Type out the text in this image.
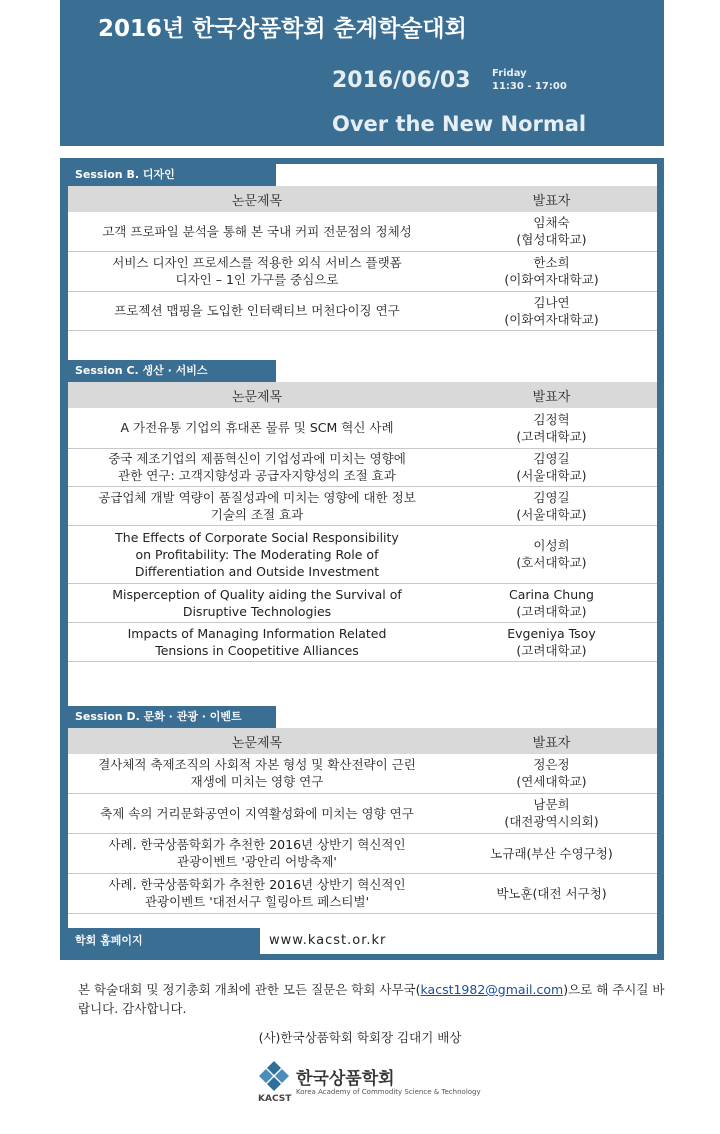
2016년 한국상품학회 춘계학술대회
2016/06/03 Friday
11:30 - 17:00
Over the New Normal
Session B. 디자인
논문제목	발표자
고객 프로파일 분석을 통해 본 국내 커피 전문점의 정체성	임채숙
(협성대학교)
서비스 디자인 프로세스를 적용한 외식 서비스 플랫폼
디자인 – 1인 가구를 중심으로	한소희
(이화여자대학교)
프로젝션 맵핑을 도입한 인터랙티브 머천다이징 연구	김나연
(이화여자대학교)
Session C. 생산 · 서비스
논문제목	발표자
A 가전유통 기업의 휴대폰 물류 및 SCM 혁신 사례	김정혁
(고려대학교)
중국 제조기업의 제품혁신이 기업성과에 미치는 영향에
관한 연구: 고객지향성과 공급자지향성의 조절 효과	김영길
(서울대학교)
공급업체 개발 역량이 품질성과에 미치는 영향에 대한 정보
기술의 조절 효과	김영길
(서울대학교)
The Effects of Corporate Social Responsibility
on Profitability: The Moderating Role of
Differentiation and Outside Investment	이성희
(호서대학교)
Misperception of Quality aiding the Survival of
Disruptive Technologies	Carina Chung
(고려대학교)
Impacts of Managing Information Related
Tensions in Coopetitive Alliances	Evgeniya Tsoy
(고려대학교)
Session D. 문화 · 관광 · 이벤트
논문제목	발표자
결사체적 축제조직의 사회적 자본 형성 및 확산전략이 근린
재생에 미치는 영향 연구	정은정
(연세대학교)
축제 속의 거리문화공연이 지역활성화에 미치는 영향 연구	남문희
(대전광역시의회)
사례. 한국상품학회가 추천한 2016년 상반기 혁신적인
관광이벤트 '광안리 어방축제'	노규래(부산 수영구청)
사례. 한국상품학회가 추천한 2016년 상반기 혁신적인
관광이벤트 '대전서구 힐링아트 페스티벌'	박노훈(대전 서구청)
학회 홈페이지	www.kacst.or.kr
본 학술대회 및 정기총회 개최에 관한 모든 질문은 학회 사무국(kacst1982@gmail.com)으로 해 주시길 바랍니다. 감사합니다.
(사)한국상품학회 학회장 김대기 배상
KACST
한국상품학회
Korea Academy of Commodity Science & Technology
